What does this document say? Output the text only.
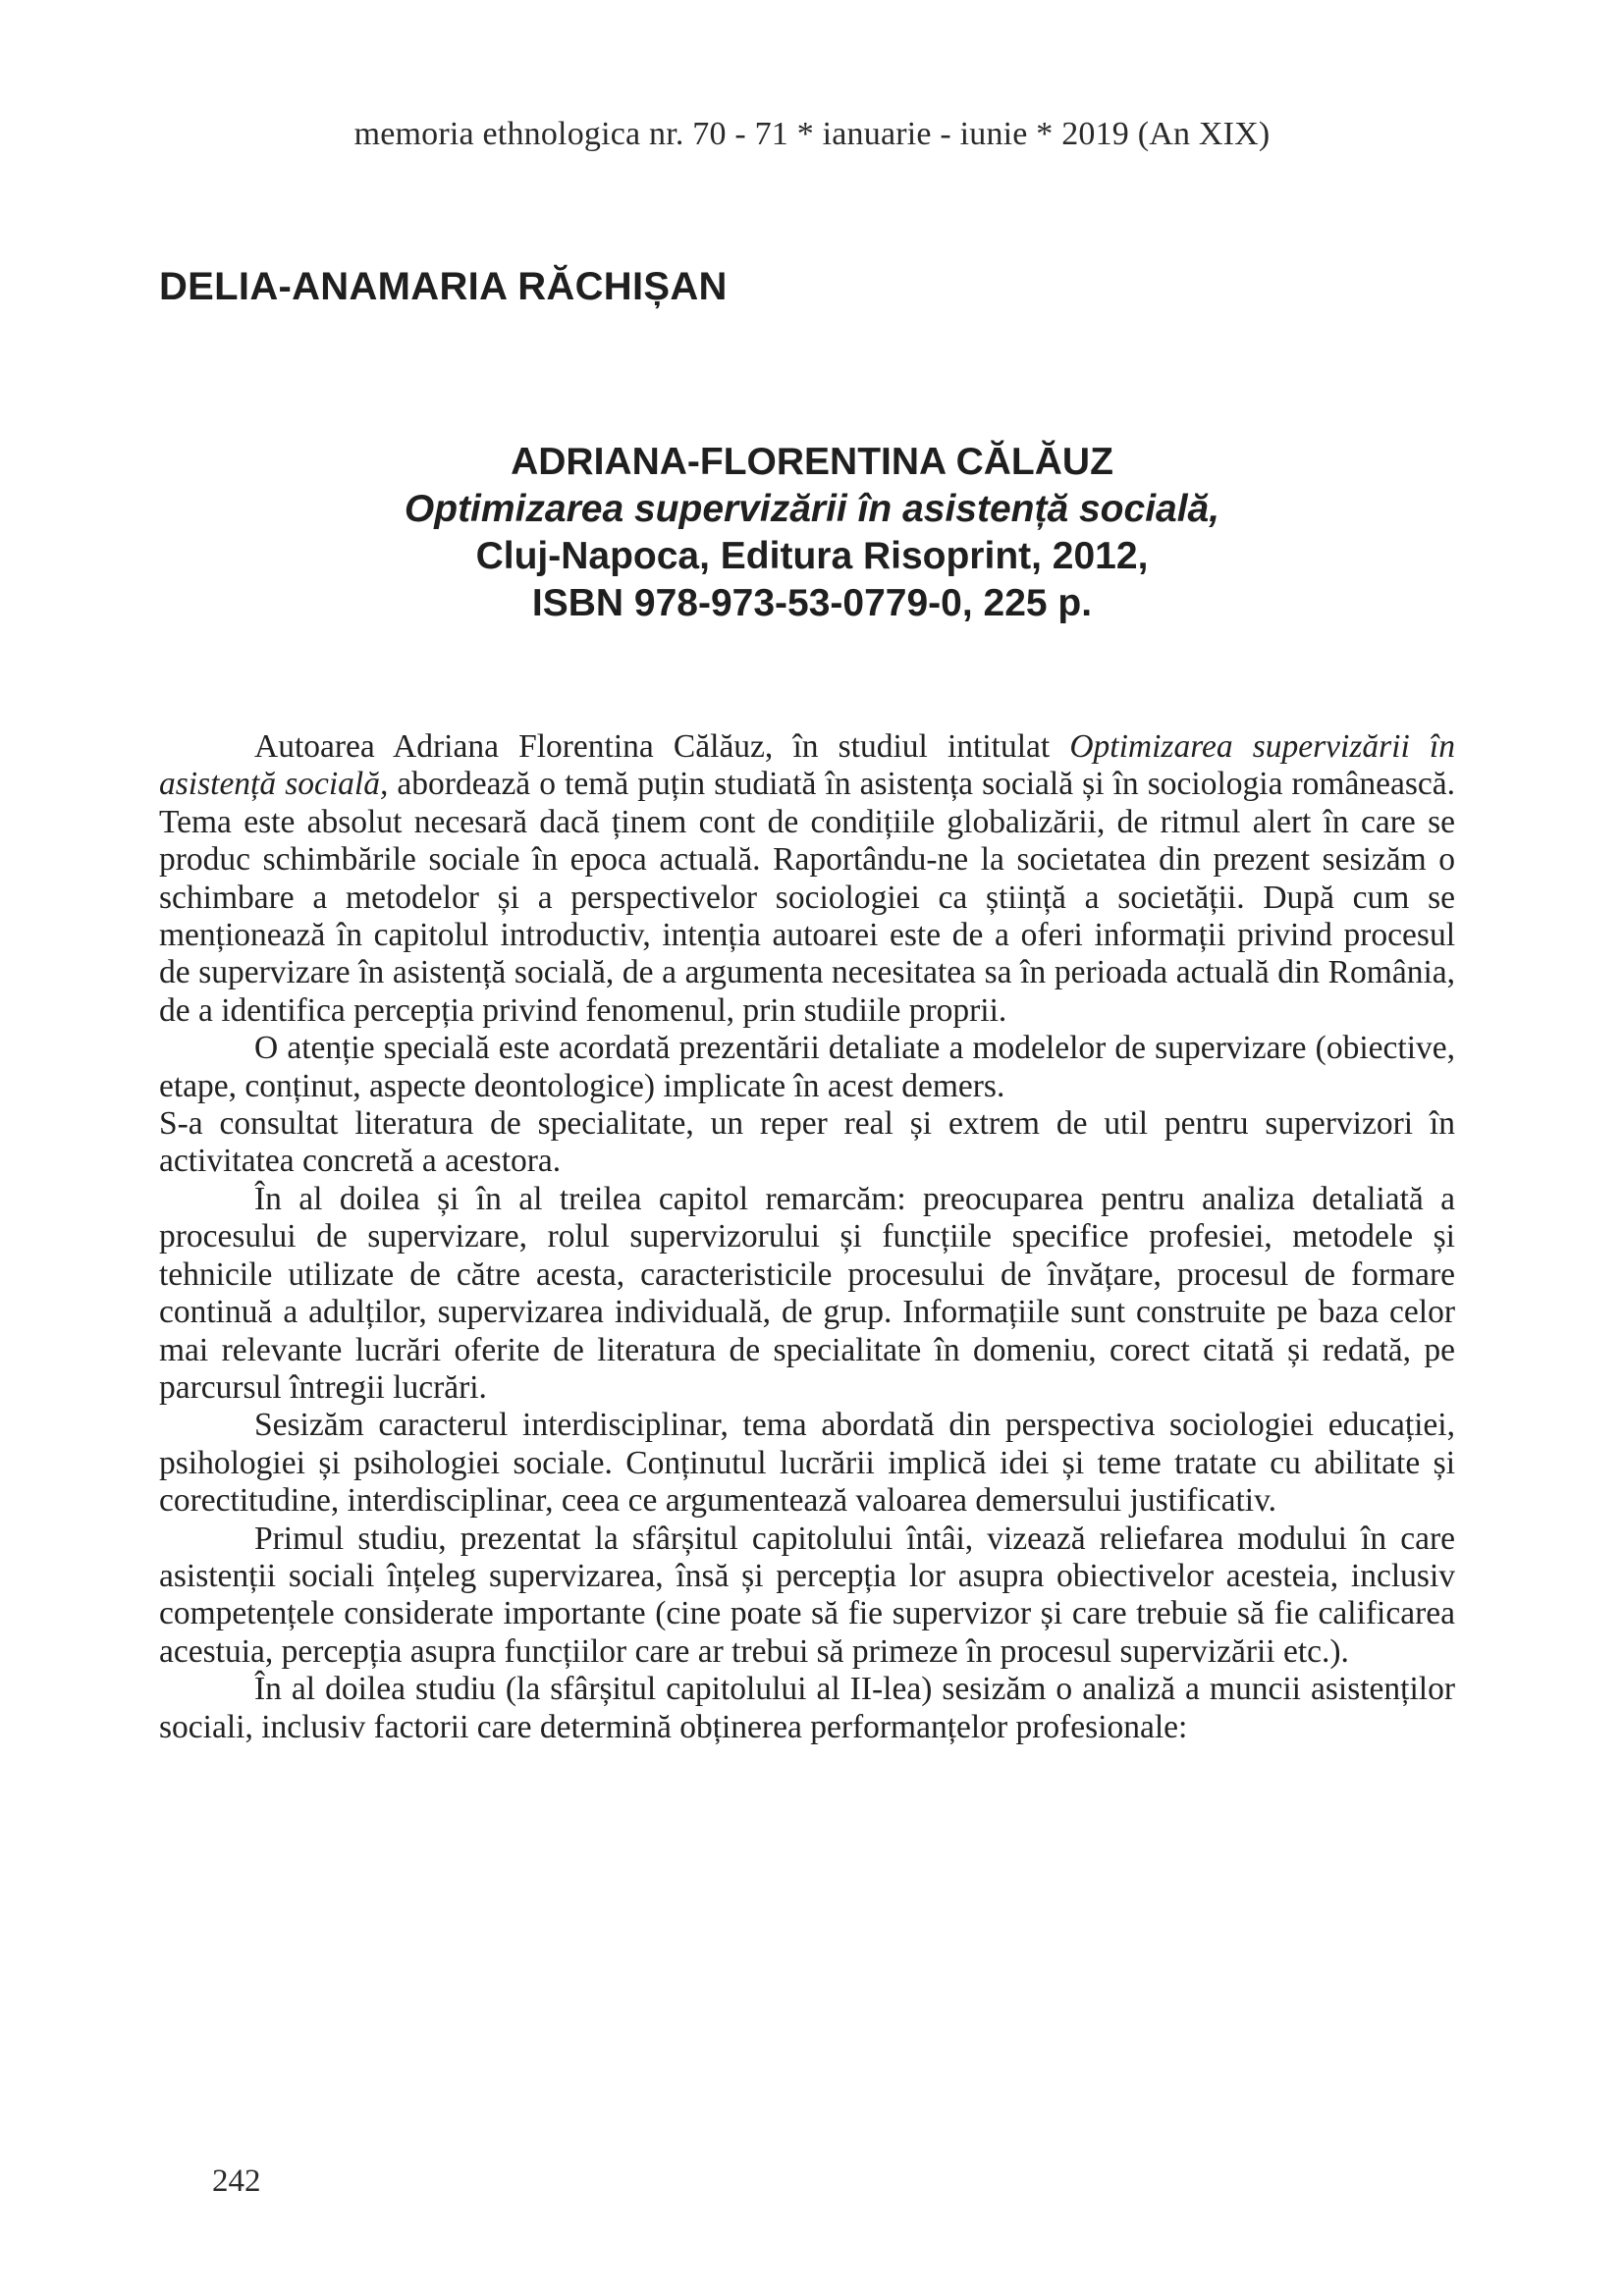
memoria ethnologica nr. 70 - 71 * ianuarie - iunie * 2019 (An XIX)
DELIA-ANAMARIA RĂCHIȘAN
ADRIANA-FLORENTINA CĂLĂUZ
Optimizarea supervizării în asistență socială,
Cluj-Napoca, Editura Risoprint, 2012,
ISBN 978-973-53-0779-0, 225 p.

Autoarea Adriana Florentina Călăuz, în studiul intitulat Optimizarea supervizării în asistență socială, abordează o temă puțin studiată în asistența socială și în sociologia românească. Tema este absolut necesară dacă ținem cont de condițiile globalizării, de ritmul alert în care se produc schimbările sociale în epoca actuală. Raportându-ne la societatea din prezent sesizăm o schimbare a metodelor și a perspectivelor sociologiei ca știință a societății. După cum se menționează în capitolul introductiv, intenția autoarei este de a oferi informații privind procesul de supervizare în asistență socială, de a argumenta necesitatea sa în perioada actuală din România, de a identifica percepția privind fenomenul, prin studiile proprii.

O atenție specială este acordată prezentării detaliate a modelelor de supervizare (obiective, etape, conținut, aspecte deontologice) implicate în acest demers.

S-a consultat literatura de specialitate, un reper real și extrem de util pentru supervizori în activitatea concretă a acestora.

În al doilea și în al treilea capitol remarcăm: preocuparea pentru analiza detaliată a procesului de supervizare, rolul supervizorului și funcțiile specifice profesiei, metodele și tehnicile utilizate de către acesta, caracteristicile procesului de învățare, procesul de formare continuă a adulților, supervizarea individuală, de grup. Informațiile sunt construite pe baza celor mai relevante lucrări oferite de literatura de specialitate în domeniu, corect citată și redată, pe parcursul întregii lucrări.

Sesizăm caracterul interdisciplinar, tema abordată din perspectiva sociologiei educației, psihologiei și psihologiei sociale. Conținutul lucrării implică idei și teme tratate cu abilitate și corectitudine, interdisciplinar, ceea ce argumentează valoarea demersului justificativ.

Primul studiu, prezentat la sfârșitul capitolului întâi, vizează reliefarea modului în care asistenții sociali înțeleg supervizarea, însă și percepția lor asupra obiectivelor acesteia, inclusiv competențele considerate importante (cine poate să fie supervizor și care trebuie să fie calificarea acestuia, percepția asupra funcțiilor care ar trebui să primeze în procesul supervizării etc.).

În al doilea studiu (la sfârșitul capitolului al II-lea) sesizăm o analiză a muncii asistenților sociali, inclusiv factorii care determină obținerea performanțelor profesionale:

242
